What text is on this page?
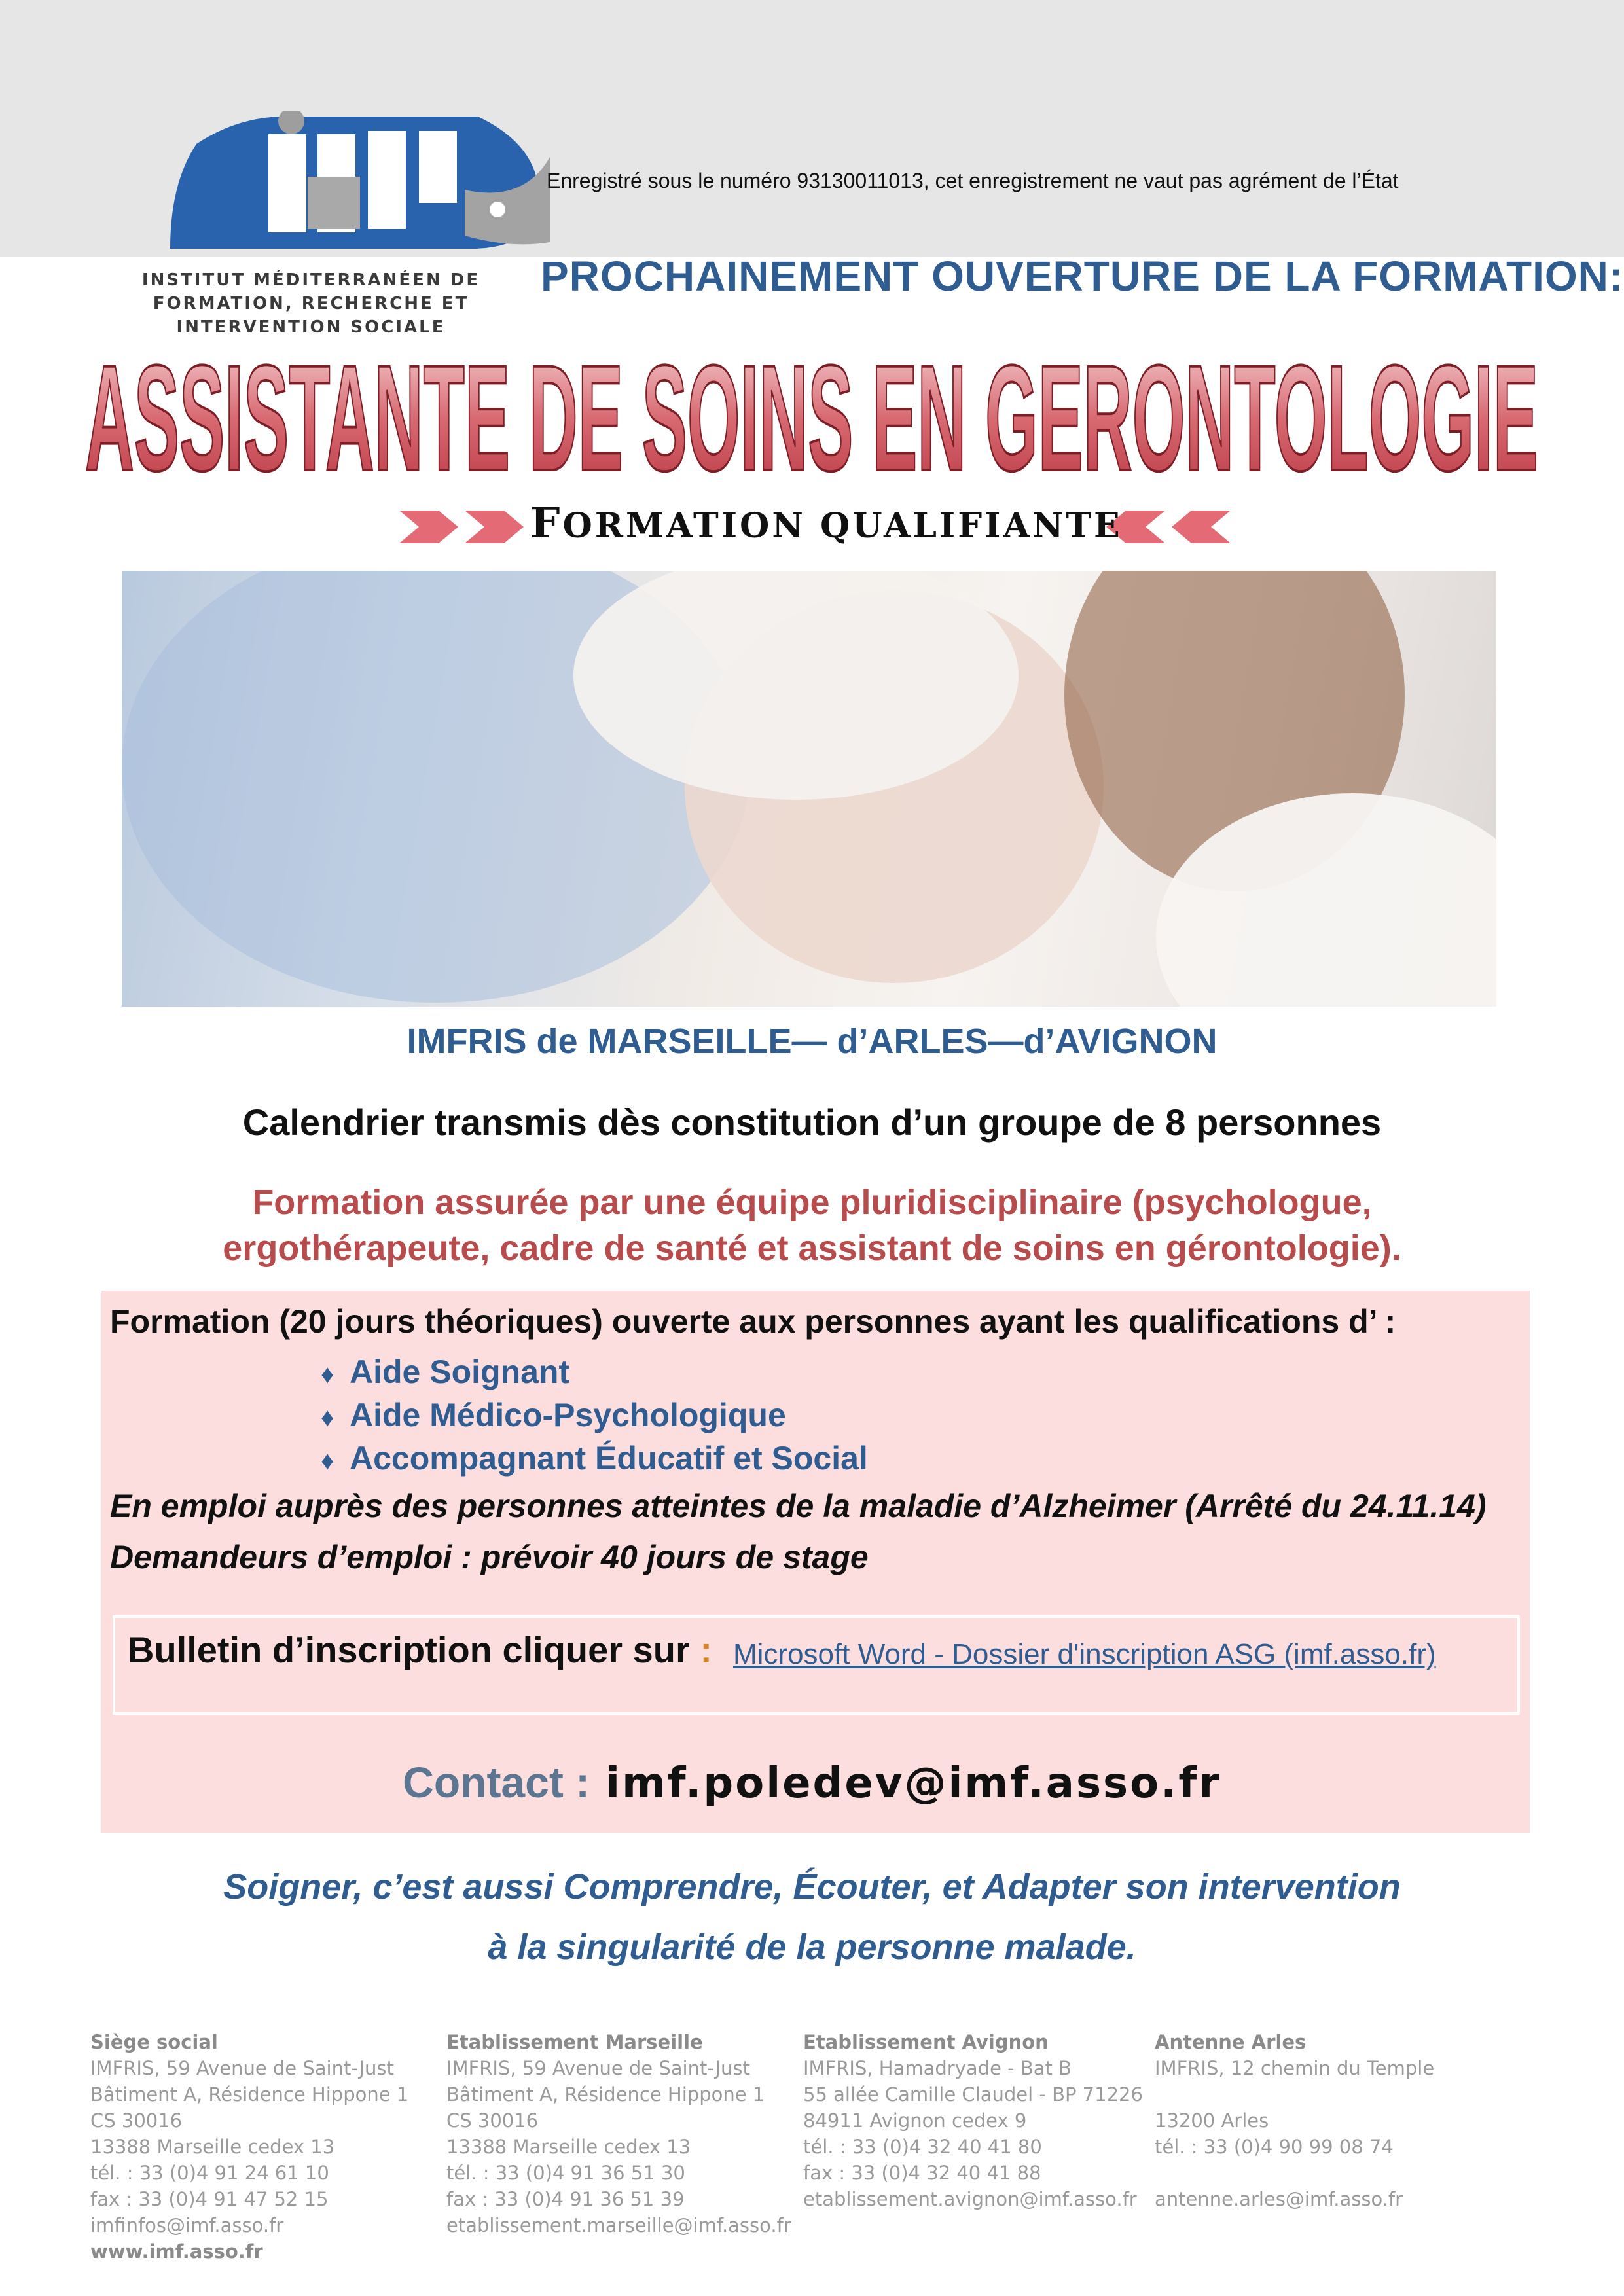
INSTITUT MÉDITERRANÉEN DE
FORMATION, RECHERCHE ET
INTERVENTION SOCIALE
Enregistré sous le numéro 93130011013, cet enregistrement ne vaut pas agrément de l’État
PROCHAINEMENT OUVERTURE DE LA FORMATION:
ASSISTANTE DE SOINS EN GERONTOLOGIE
FORMATION QUALIFIANTE
IMFRIS de MARSEILLE— d’ARLES—d’AVIGNON
Calendrier transmis dès constitution d’un groupe de 8 personnes
Formation assurée par une équipe pluridisciplinaire (psychologue,
ergothérapeute, cadre de santé et assistant de soins en gérontologie).
Formation (20 jours théoriques) ouverte aux personnes ayant les qualifications d’ :
♦ Aide Soignant
♦ Aide Médico-Psychologique
♦ Accompagnant Éducatif et Social
En emploi auprès des personnes atteintes de la maladie d’Alzheimer (Arrêté du 24.11.14)
Demandeurs d’emploi : prévoir 40 jours de stage
Bulletin d’inscription cliquer sur : Microsoft Word - Dossier d'inscription ASG (imf.asso.fr)
Contact : imf.poledev@imf.asso.fr
Soigner, c’est aussi Comprendre, Écouter, et Adapter son intervention
à la singularité de la personne malade.
Siège social
IMFRIS, 59 Avenue de Saint-Just
Bâtiment A, Résidence Hippone 1
CS 30016
13388 Marseille cedex 13
tél. : 33 (0)4 91 24 61 10
fax : 33 (0)4 91 47 52 15
imfinfos@imf.asso.fr
www.imf.asso.fr
Etablissement Marseille
IMFRIS, 59 Avenue de Saint-Just
Bâtiment A, Résidence Hippone 1
CS 30016
13388 Marseille cedex 13
tél. : 33 (0)4 91 36 51 30
fax : 33 (0)4 91 36 51 39
etablissement.marseille@imf.asso.fr
Etablissement Avignon
IMFRIS, Hamadryade - Bat B
55 allée Camille Claudel - BP 71226
84911 Avignon cedex 9
tél. : 33 (0)4 32 40 41 80
fax : 33 (0)4 32 40 41 88
etablissement.avignon@imf.asso.fr
Antenne Arles
IMFRIS, 12 chemin du Temple
13200 Arles
tél. : 33 (0)4 90 99 08 74
antenne.arles@imf.asso.fr
